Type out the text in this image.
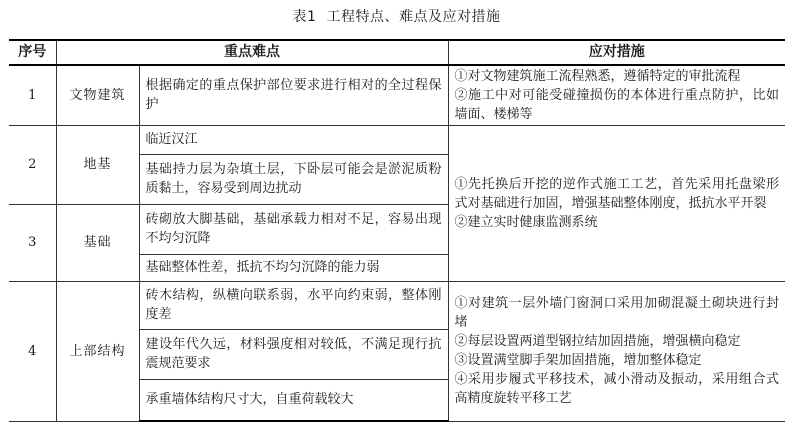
表1 工程特点、难点及应对措施
序号	重点难点		应对措施
1	文物建筑	根据确定的重点保护部位要求进行相对的全过程保护	①对文物建筑施工流程熟悉，遵循特定的审批流程
②施工中对可能受碰撞损伤的本体进行重点防护，比如墙面、楼梯等

2	地基	临近汉江	①先托换后开挖的逆作式施工工艺，首先采用托盘梁形式对基础进行加固，增强基础整体刚度，抵抗水平开裂
②建立实时健康监测系统

		基础持力层为杂填土层，下卧层可能会是淤泥质粉质黏土，容易受到周边扰动	
3	基础	砖砌放大脚基础，基础承载力相对不足，容易出现不均匀沉降	
		基础整体性差，抵抗不均匀沉降的能力弱	
4	上部结构	砖木结构，纵横向联系弱，水平向约束弱，整体刚度差	①对建筑一层外墙门窗洞口采用加砌混凝土砌块进行封堵
②每层设置两道型钢拉结加固措施，增强横向稳定
③设置满堂脚手架加固措施，增加整体稳定
④采用步履式平移技术，减小滑动及振动，采用组合式高精度旋转平移工艺

		建设年代久远，材料强度相对较低，不满足现行抗震规范要求	
		承重墙体结构尺寸大，自重荷载较大	
